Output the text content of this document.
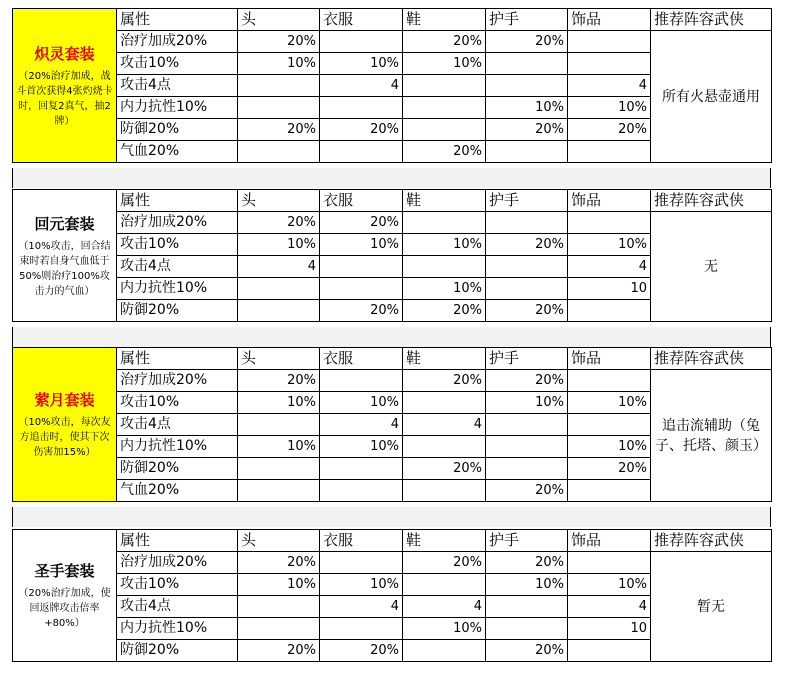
炽灵套装
（20%治疗加成，战斗首次获得4张灼烧卡时，回复2真气，抽2牌）	属性	头	衣服	鞋	护手	饰品	推荐阵容武侠
	治疗加成20%	20%		20%	20%		所有火悬壶通用
	攻击10%	10%	10%	10%			
	攻击4点		4			4	
	内力抗性10%				10%	10%	
	防御20%	20%	20%		20%	20%	
	气血20%			20%			
回元套装
（10%攻击，回合结束时若自身气血低于50%则治疗100%攻击力的气血）	属性	头	衣服	鞋	护手	饰品	推荐阵容武侠
	治疗加成20%	20%	20%				无
	攻击10%	10%	10%	10%	20%	10%	
	攻击4点	4				4	
	内力抗性10%			10%		10	
	防御20%		20%	20%	20%		
萦月套装
（10%攻击，每次友方追击时，使其下次伤害加15%）	属性	头	衣服	鞋	护手	饰品	推荐阵容武侠
	治疗加成20%	20%		20%	20%		追击流辅助（兔子、托塔、颜玉）
	攻击10%	10%	10%		10%	10%	
	攻击4点		4	4			
	内力抗性10%	10%	10%			10%	
	防御20%			20%		20%	
	气血20%				20%		
圣手套装
（20%治疗加成，使回返牌攻击倍率+80%）	属性	头	衣服	鞋	护手	饰品	推荐阵容武侠
	治疗加成20%	20%		20%	20%		暂无
	攻击10%	10%	10%		10%	10%	
	攻击4点		4	4		4	
	内力抗性10%			10%		10	
	防御20%	20%	20%		20%		
